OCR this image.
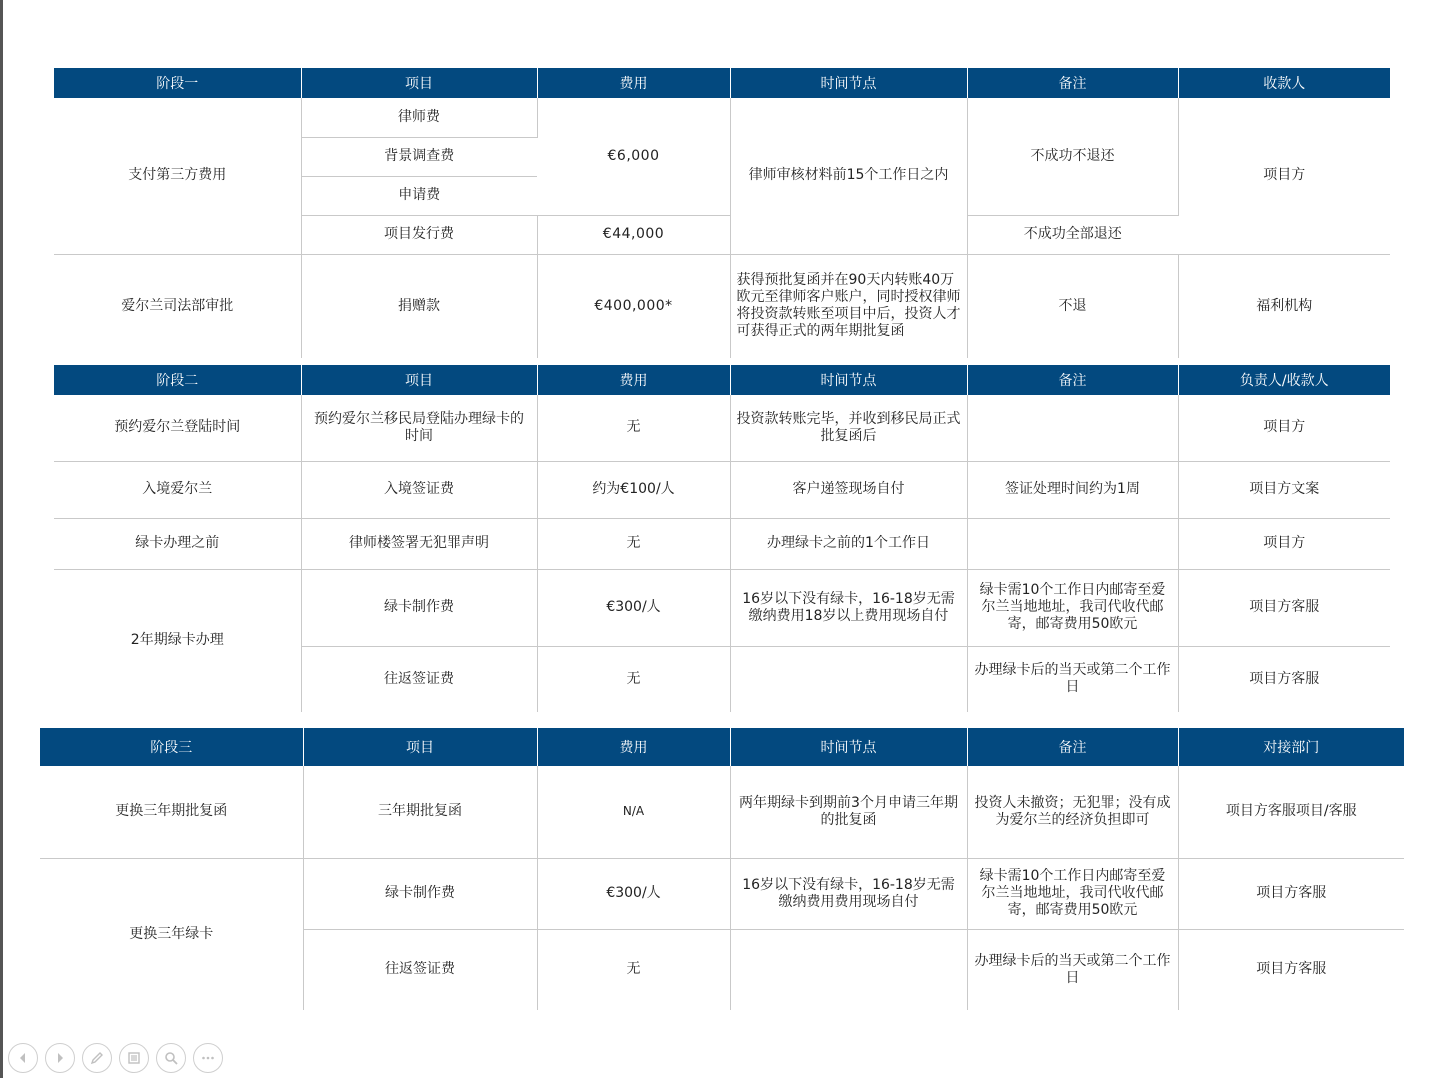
阶段一	项目	费用	时间节点	备注	收款人
支付第三方费用	律师费	€6,000	律师审核材料前15个工作日之内	不成功不退还	项目方
	背景调查费				
	申请费				
	项目发行费	€44,000		不成功全部退还	
爱尔兰司法部审批	捐赠款	€400,000*	获得预批复函并在90天内转账40万欧元至律师客户账户，同时授权律师将投资款转账至项目中后，投资人才可获得正式的两年期批复函	不退	福利机构
阶段二	项目	费用	时间节点	备注	负责人/收款人
预约爱尔兰登陆时间	预约爱尔兰移民局登陆办理绿卡的时间	无	投资款转账完毕，并收到移民局正式批复函后		项目方
入境爱尔兰	入境签证费	约为€100/人	客户递签现场自付	签证处理时间约为1周	项目方文案
绿卡办理之前	律师楼签署无犯罪声明	无	办理绿卡之前的1个工作日		项目方
2年期绿卡办理	绿卡制作费	€300/人	16岁以下没有绿卡，16-18岁无需缴纳费用18岁以上费用现场自付	绿卡需10个工作日内邮寄至爱尔兰当地地址，我司代收代邮寄，邮寄费用50欧元	项目方客服
	往返签证费	无		办理绿卡后的当天或第二个工作日	项目方客服
阶段三	项目	费用	时间节点	备注	对接部门
更换三年期批复函	三年期批复函	N/A	两年期绿卡到期前3个月申请三年期的批复函	投资人未撤资；无犯罪；没有成为爱尔兰的经济负担即可	项目方客服项目/客服
更换三年绿卡	绿卡制作费	€300/人	16岁以下没有绿卡，16-18岁无需缴纳费用费用现场自付	绿卡需10个工作日内邮寄至爱尔兰当地地址，我司代收代邮寄，邮寄费用50欧元	项目方客服
	往返签证费	无		办理绿卡后的当天或第二个工作日	项目方客服
